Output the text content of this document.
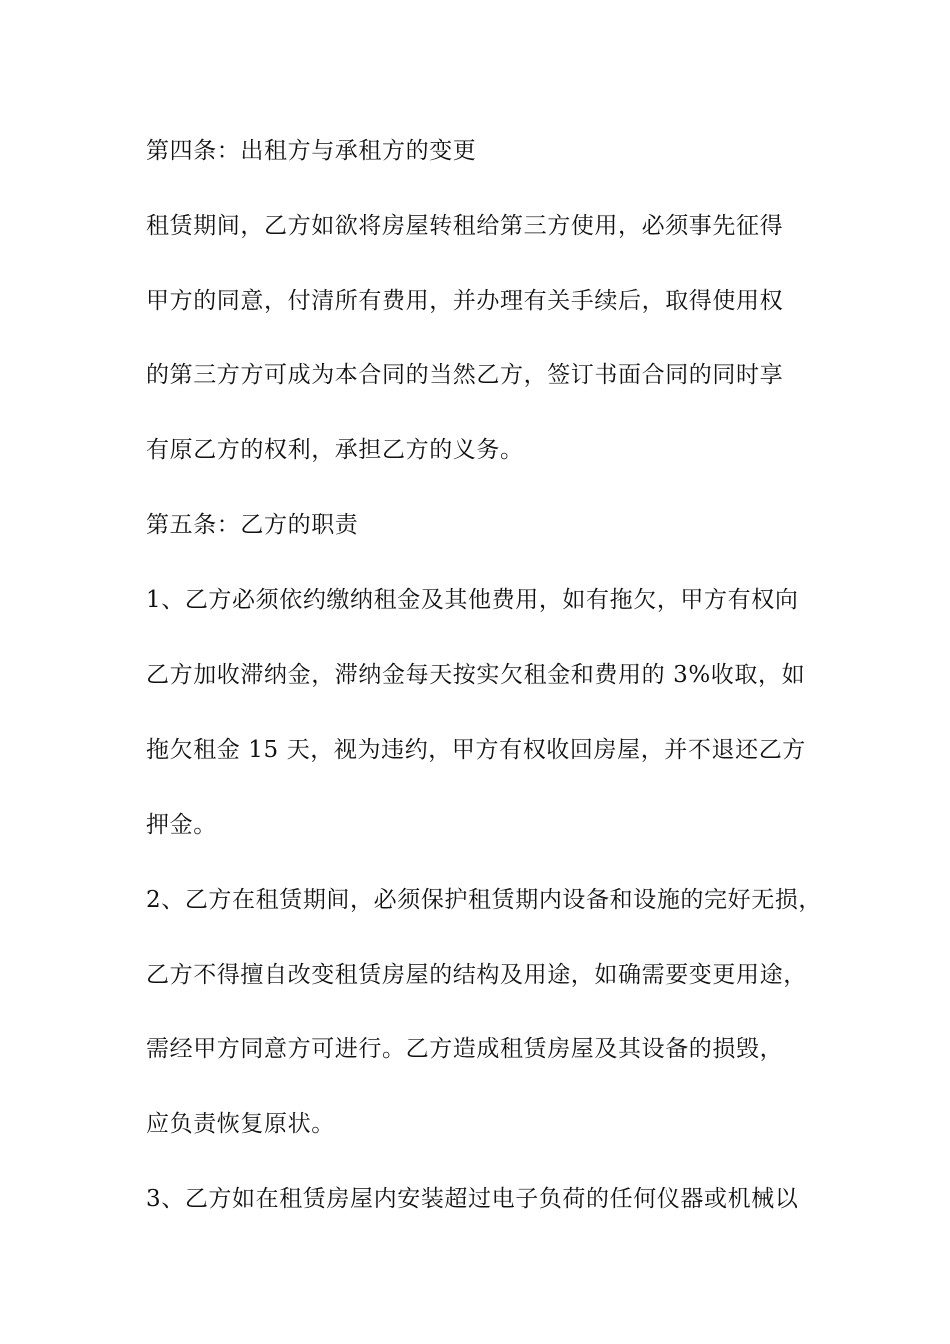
第四条：出租方与承租方的变更
租赁期间，乙方如欲将房屋转租给第三方使用，必须事先征得
甲方的同意，付清所有费用，并办理有关手续后，取得使用权
的第三方方可成为本合同的当然乙方，签订书面合同的同时享
有原乙方的权利，承担乙方的义务。
第五条：乙方的职责
1、乙方必须依约缴纳租金及其他费用，如有拖欠，甲方有权向
乙方加收滞纳金，滞纳金每天按实欠租金和费用的 3%收取，如
拖欠租金 15 天，视为违约，甲方有权收回房屋，并不退还乙方
押金。
2、乙方在租赁期间，必须保护租赁期内设备和设施的完好无损，
乙方不得擅自改变租赁房屋的结构及用途，如确需要变更用途，
需经甲方同意方可进行。乙方造成租赁房屋及其设备的损毁，
应负责恢复原状。
3、乙方如在租赁房屋内安装超过电子负荷的任何仪器或机械以
